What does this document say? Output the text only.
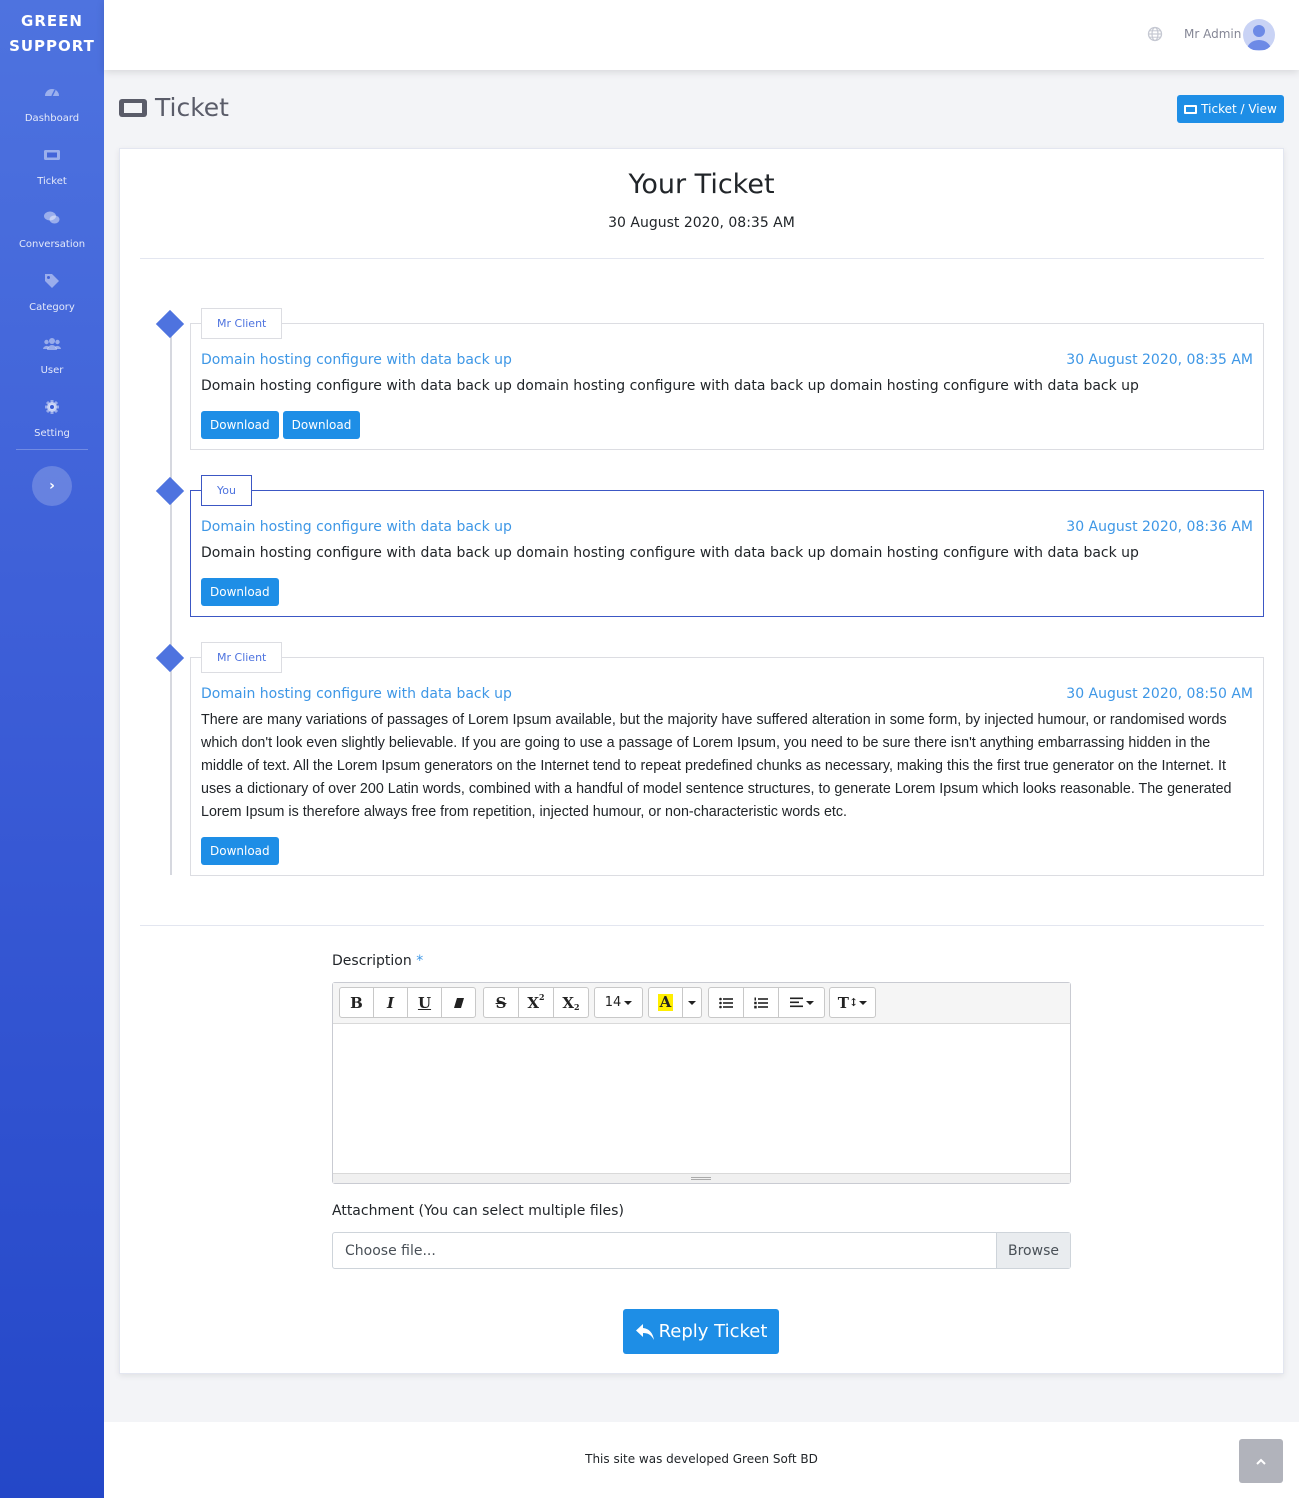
GREEN
SUPPORT
Dashboard
Ticket
Conversation
Category
User
Setting
›
Mr Admin
Ticket	Ticket / View
Your Ticket
30 August 2020, 08:35 AM
Domain hosting configure with data back up	30 August 2020, 08:35 AM
Domain hosting configure with data back up domain hosting configure with data back up domain hosting configure with data back up
Download	Download
Mr Client
Domain hosting configure with data back up	30 August 2020, 08:36 AM
Domain hosting configure with data back up domain hosting configure with data back up domain hosting configure with data back up
Download
You
Domain hosting configure with data back up	30 August 2020, 08:50 AM
There are many variations of passages of Lorem Ipsum available, but the majority have suffered alteration in some form, by injected humour, or randomised words which don't look even slightly believable. If you are going to use a passage of Lorem Ipsum, you need to be sure there isn't anything embarrassing hidden in the middle of text. All the Lorem Ipsum generators on the Internet tend to repeat predefined chunks as necessary, making this the first true generator on the Internet. It uses a dictionary of over 200 Latin words, combined with a handful of model sentence structures, to generate Lorem Ipsum which looks reasonable. The generated Lorem Ipsum is therefore always free from repetition, injected humour, or non-characteristic words etc.
Download
Mr Client
Description *
B	I	U	S	X 2 X 2 14	A	T ↕
Attachment (You can select multiple files)
Choose file...	Browse
Reply Ticket
This site was developed Green Soft BD
